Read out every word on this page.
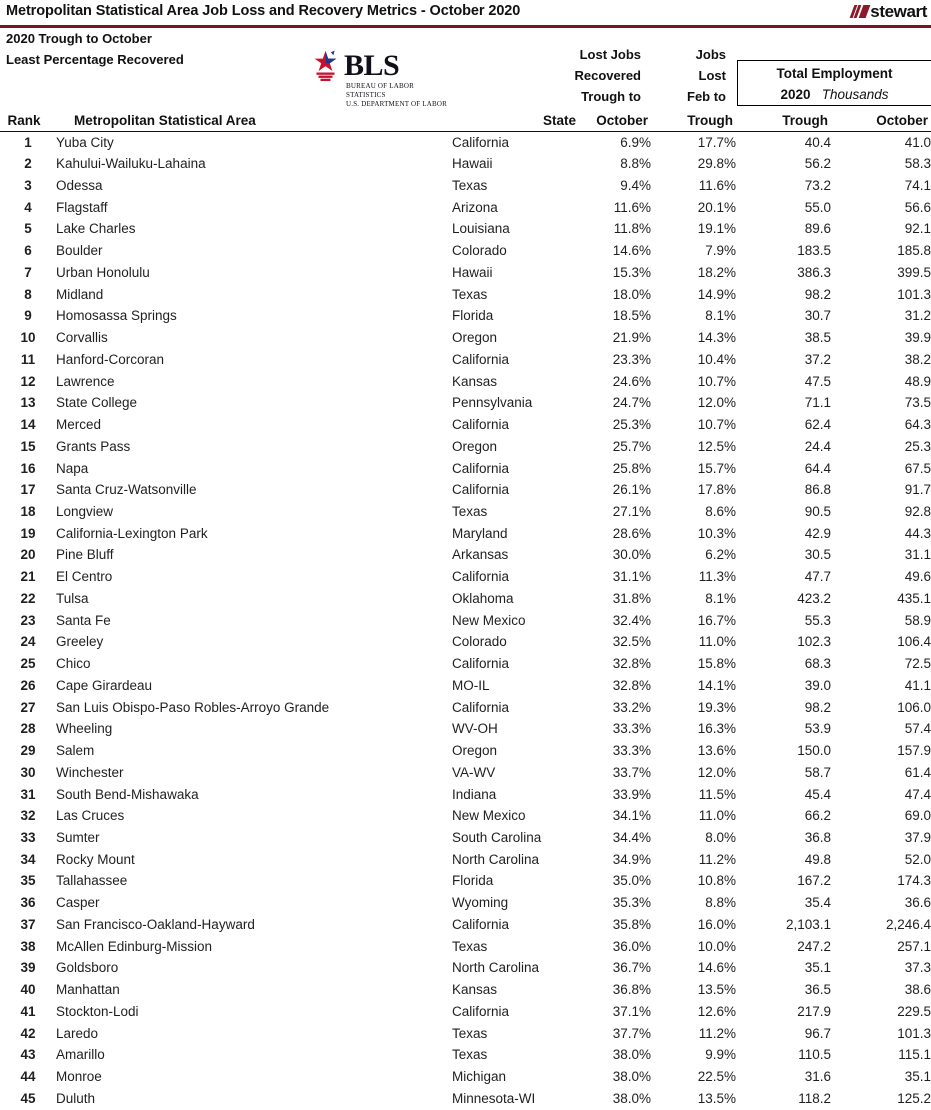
Metropolitan Statistical Area Job Loss and Recovery Metrics - October 2020	stewart
2020 Trough to October
Least Percentage Recovered	BLS
BUREAU OF LABOR STATISTICS
U.S. DEPARTMENT OF LABOR
Lost Jobs
Recovered
Trough to
Jobs
Lost
Feb to
Total Employment
2020 Thousands
Rank	Metropolitan Statistical Area	State	October	Trough	Trough	October
1	Yuba City	California	6.9%	17.7%	40.4	41.0
2	Kahului-Wailuku-Lahaina	Hawaii	8.8%	29.8%	56.2	58.3
3	Odessa	Texas	9.4%	11.6%	73.2	74.1
4	Flagstaff	Arizona	11.6%	20.1%	55.0	56.6
5	Lake Charles	Louisiana	11.8%	19.1%	89.6	92.1
6	Boulder	Colorado	14.6%	7.9%	183.5	185.8
7	Urban Honolulu	Hawaii	15.3%	18.2%	386.3	399.5
8	Midland	Texas	18.0%	14.9%	98.2	101.3
9	Homosassa Springs	Florida	18.5%	8.1%	30.7	31.2
10	Corvallis	Oregon	21.9%	14.3%	38.5	39.9
11	Hanford-Corcoran	California	23.3%	10.4%	37.2	38.2
12	Lawrence	Kansas	24.6%	10.7%	47.5	48.9
13	State College	Pennsylvania	24.7%	12.0%	71.1	73.5
14	Merced	California	25.3%	10.7%	62.4	64.3
15	Grants Pass	Oregon	25.7%	12.5%	24.4	25.3
16	Napa	California	25.8%	15.7%	64.4	67.5
17	Santa Cruz-Watsonville	California	26.1%	17.8%	86.8	91.7
18	Longview	Texas	27.1%	8.6%	90.5	92.8
19	California-Lexington Park	Maryland	28.6%	10.3%	42.9	44.3
20	Pine Bluff	Arkansas	30.0%	6.2%	30.5	31.1
21	El Centro	California	31.1%	11.3%	47.7	49.6
22	Tulsa	Oklahoma	31.8%	8.1%	423.2	435.1
23	Santa Fe	New Mexico	32.4%	16.7%	55.3	58.9
24	Greeley	Colorado	32.5%	11.0%	102.3	106.4
25	Chico	California	32.8%	15.8%	68.3	72.5
26	Cape Girardeau	MO-IL	32.8%	14.1%	39.0	41.1
27	San Luis Obispo-Paso Robles-Arroyo Grande	California	33.2%	19.3%	98.2	106.0
28	Wheeling	WV-OH	33.3%	16.3%	53.9	57.4
29	Salem	Oregon	33.3%	13.6%	150.0	157.9
30	Winchester	VA-WV	33.7%	12.0%	58.7	61.4
31	South Bend-Mishawaka	Indiana	33.9%	11.5%	45.4	47.4
32	Las Cruces	New Mexico	34.1%	11.0%	66.2	69.0
33	Sumter	South Carolina	34.4%	8.0%	36.8	37.9
34	Rocky Mount	North Carolina	34.9%	11.2%	49.8	52.0
35	Tallahassee	Florida	35.0%	10.8%	167.2	174.3
36	Casper	Wyoming	35.3%	8.8%	35.4	36.6
37	San Francisco-Oakland-Hayward	California	35.8%	16.0%	2,103.1	2,246.4
38	McAllen Edinburg-Mission	Texas	36.0%	10.0%	247.2	257.1
39	Goldsboro	North Carolina	36.7%	14.6%	35.1	37.3
40	Manhattan	Kansas	36.8%	13.5%	36.5	38.6
41	Stockton-Lodi	California	37.1%	12.6%	217.9	229.5
42	Laredo	Texas	37.7%	11.2%	96.7	101.3
43	Amarillo	Texas	38.0%	9.9%	110.5	115.1
44	Monroe	Michigan	38.0%	22.5%	31.6	35.1
45	Duluth	Minnesota-WI	38.0%	13.5%	118.2	125.2
